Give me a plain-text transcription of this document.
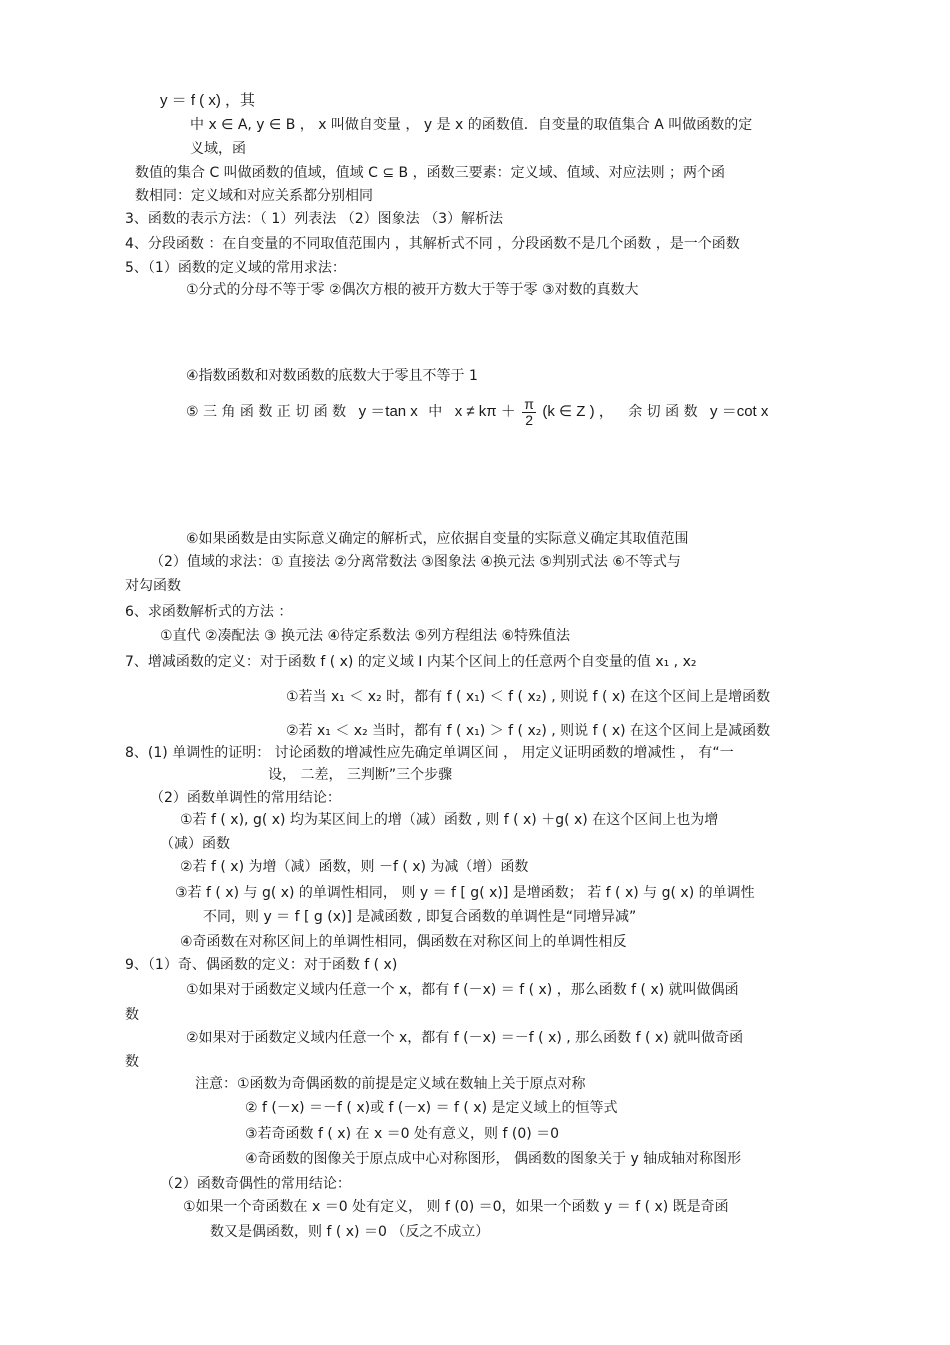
y ＝ f ( x) ，其
中 x ∈ A, y ∈ B ， x 叫做自变量 ， y 是 x 的函数值．自变量的取值集合 A 叫做函数的定
义域，函
数值的集合 C 叫做函数的值域，值域 C ⊆ B ，函数三要素：定义域、值域、对应法则 ；两个函
数相同：定义域和对应关系都分别相同
3、函数的表示方法：（ 1）列表法 （2）图象法 （3）解析法
4、分段函数 ：在自变量的不同取值范围内 ，其解析式不同 ，分段函数不是几个函数 ，是一个函数
5、（1）函数的定义域的常用求法：
①分式的分母不等于零 ②偶次方根的被开方数大于等于零 ③对数的真数大
④指数函数和对数函数的底数大于零且不等于 1
⑤ 三 角 函 数 正 切 函 数 y ＝tan x 中 $x \ne k\pi + \frac{\pi}{2} (k$ ∈ Z ) ， 余 切 函 数 y ＝cot x
⑥如果函数是由实际意义确定的解析式，应依据自变量的实际意义确定其取值范围
（2）值域的求法：① 直接法 ②分离常数法 ③图象法 ④换元法 ⑤判别式法 ⑥不等式与
对勾函数
6、求函数解析式的方法 ：
①直代 ②凑配法 ③ 换元法 ④待定系数法 ⑤列方程组法 ⑥特殊值法
7、增减函数的定义：对于函数 f ( x) 的定义域 I 内某个区间上的任意两个自变量的值 x₁ , x₂
①若当 x₁ ＜ x₂ 时，都有 f ( x₁) ＜ f ( x₂) , 则说 f ( x) 在这个区间上是增函数
②若 x₁ ＜ x₂ 当时，都有 f ( x₁) ＞ f ( x₂) , 则说 f ( x) 在这个区间上是减函数
8、(1) 单调性的证明： 讨论函数的增减性应先确定单调区间 ， 用定义证明函数的增减性 ， 有“一
设， 二差， 三判断”三个步骤
（2）函数单调性的常用结论：
①若 f ( x), g( x) 均为某区间上的增（减）函数 , 则 f ( x) ＋g( x) 在这个区间上也为增
（减）函数
②若 f ( x) 为增（减）函数，则 －f ( x) 为减（增）函数
③若 f ( x) 与 g( x) 的单调性相同， 则 y ＝ f [ g( x)] 是增函数； 若 f ( x) 与 g( x) 的单调性
不同，则 y ＝ f [ g (x)] 是减函数 , 即复合函数的单调性是“同增异减”
④奇函数在对称区间上的单调性相同，偶函数在对称区间上的单调性相反
9、（1）奇、偶函数的定义：对于函数 f ( x)
①如果对于函数定义域内任意一个 x，都有 f (－x) ＝ f ( x) ，那么函数 f ( x) 就叫做偶函
数
②如果对于函数定义域内任意一个 x，都有 f (－x) ＝－f ( x) , 那么函数 f ( x) 就叫做奇函
数
注意：①函数为奇偶函数的前提是定义域在数轴上关于原点对称
② f (－x) ＝－f ( x)或 f (－x) ＝ f ( x) 是定义域上的恒等式
③若奇函数 f ( x) 在 x ＝0 处有意义，则 f (0) ＝0
④奇函数的图像关于原点成中心对称图形， 偶函数的图象关于 y 轴成轴对称图形
（2）函数奇偶性的常用结论：
①如果一个奇函数在 x ＝0 处有定义， 则 f (0) ＝0，如果一个函数 y ＝ f ( x) 既是奇函
数又是偶函数，则 f ( x) ＝0 （反之不成立）
